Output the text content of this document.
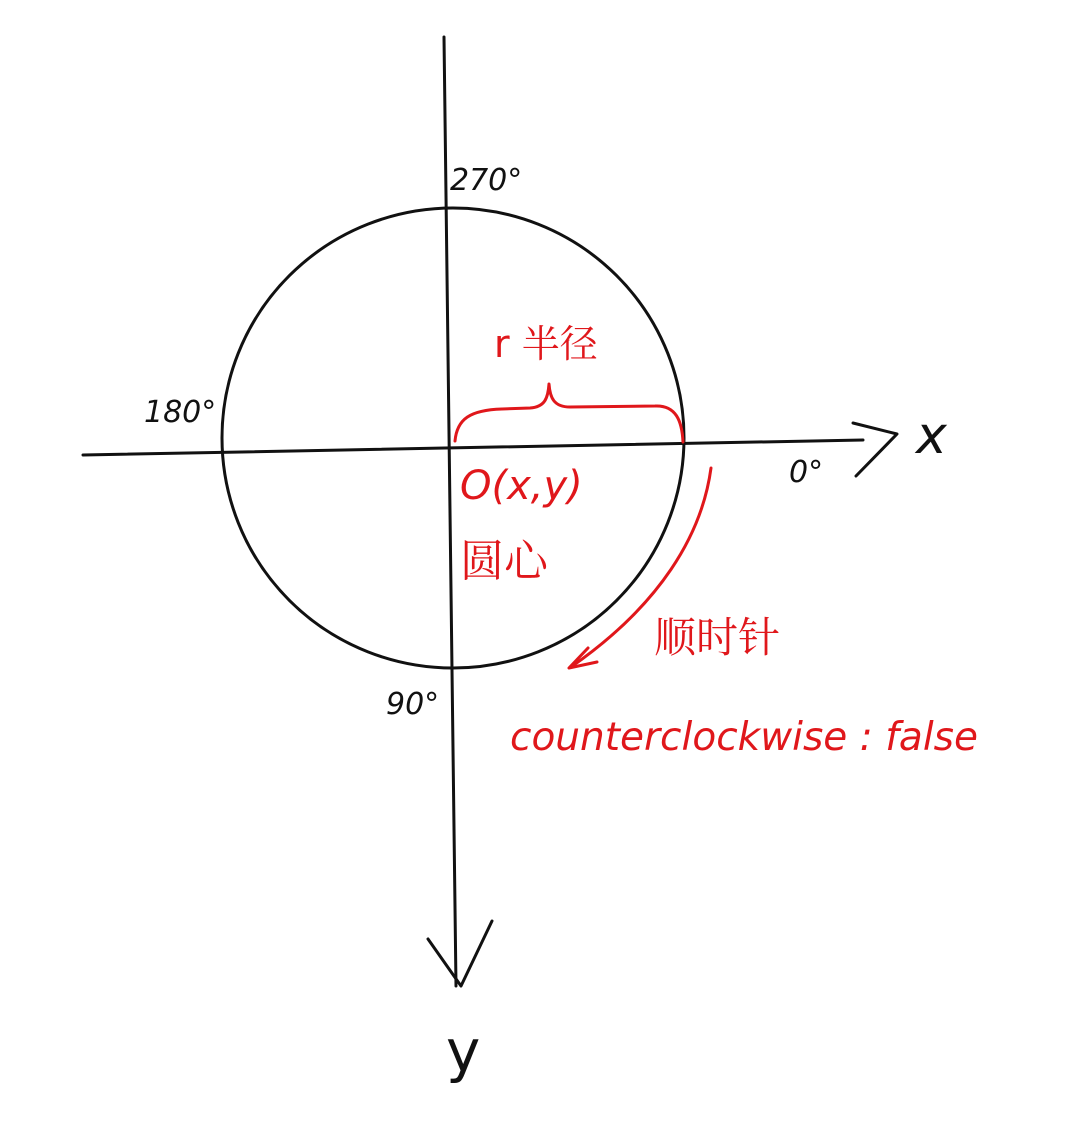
270°
180°
0°
90°
x
y
r 半径
O(x,y)
圆心
顺时针
counterclockwise : false
